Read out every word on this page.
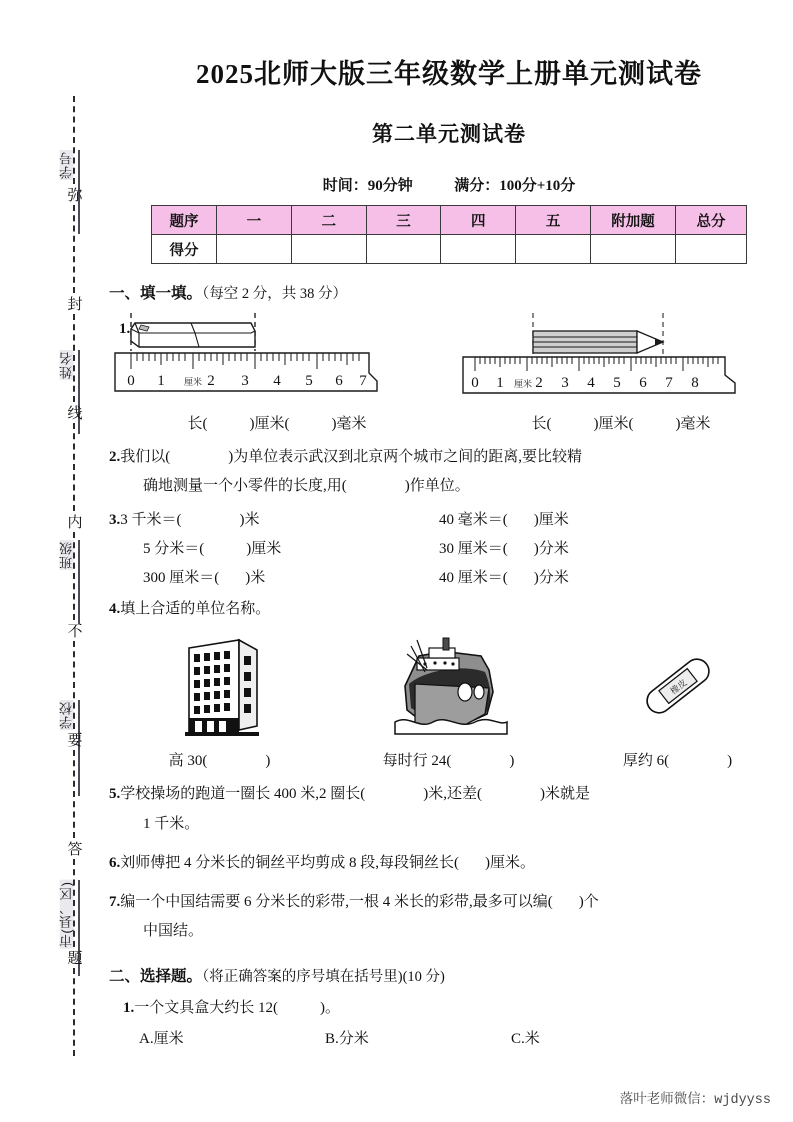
学号
姓名
班级
学校
市(县、区)
弥
封
线
内
不
要
答
题
2025北师大版三年级数学上册单元测试卷
第二单元测试卷
时间：90分钟	满分：100分+10分
题序	一	二	三	四	五	附加题	总分
得分							
一、填一填。（每空 2 分，共 38 分）
1.
0 1 厘米 2 3 4 5 6 7
长(	)厘米(	)毫米
0 1 厘米 2 3 4 5 6 7 8
长(	)厘米(	)毫米
2.我们以(	)为单位表示武汉到北京两个城市之间的距离,要比较精
确地测量一个小零件的长度,用(	)作单位。
3.3 千米＝(	)米	40 毫米＝( )厘米
5 分米＝(	)厘米	30 厘米＝( )分米
300 厘米＝( )米	40 厘米＝( )分米
4.填上合适的单位名称。
高 30(	)	每时行 24(	)
橡皮
厚约 6(	)
5.学校操场的跑道一圈长 400 米,2 圈长(	)米,还差(	)米就是
1 千米。
6.刘师傅把 4 分米长的铜丝平均剪成 8 段,每段铜丝长( )厘米。
7.编一个中国结需要 6 分米长的彩带,一根 4 米长的彩带,最多可以编( )个
中国结。
二、选择题。（将正确答案的序号填在括号里)(10 分)
1.一个文具盒大约长 12(	)。
A.厘米	B.分米	C.米
落叶老师微信：wjdyyss
